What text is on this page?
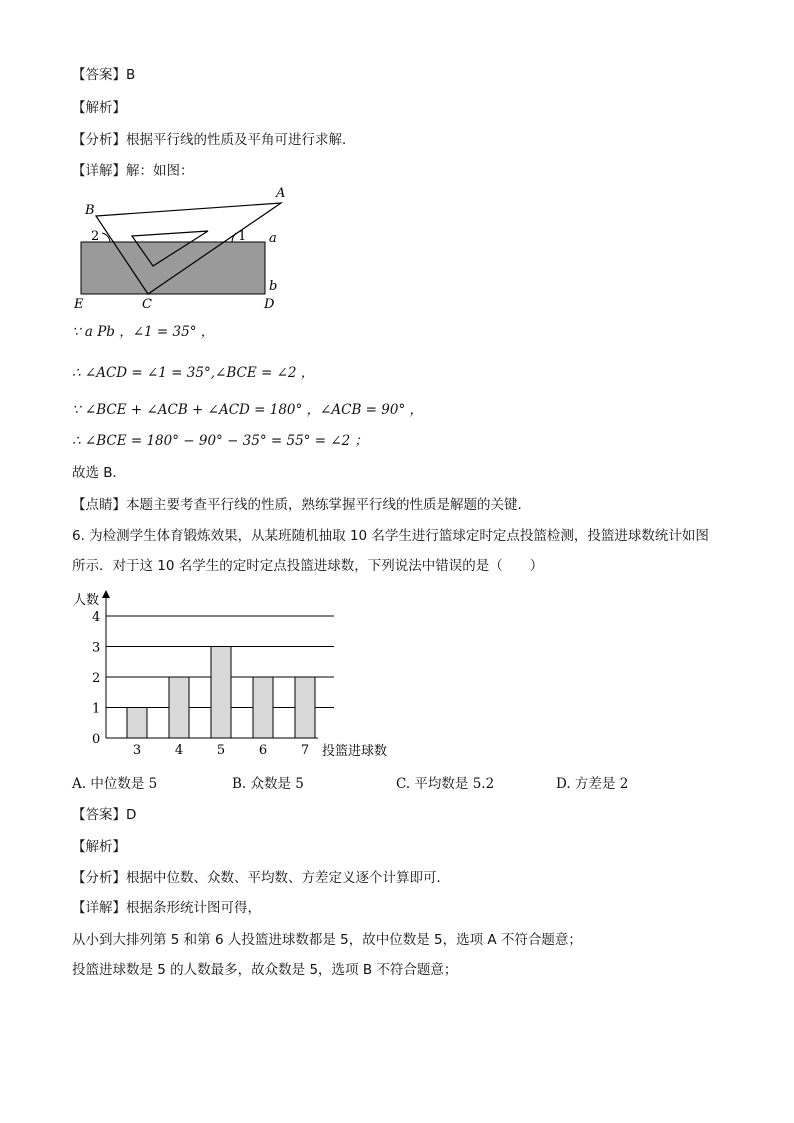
【答案】B
【解析】
【分析】根据平行线的性质及平角可进行求解．
【详解】解：如图：
B
A
2	1 a
b
E	C	D
∵ a Pb ，∠1 = 35° ，
∴ ∠ACD = ∠1 = 35°,∠BCE = ∠2 ，
∵ ∠BCE + ∠ACB + ∠ACD = 180° ，∠ACB = 90° ，
∴ ∠BCE = 180° − 90° − 35° = 55° = ∠2 ；
故选 B．
【点睛】本题主要考查平行线的性质，熟练掌握平行线的性质是解题的关键．
6. 为检测学生体育锻炼效果，从某班随机抽取 10 名学生进行篮球定时定点投篮检测，投篮进球数统计如图
所示．对于这 10 名学生的定时定点投篮进球数，下列说法中错误的是（　　）
0
1
2
3
4
3	4	5	6	7
人数
投篮进球数
A. 中位数是 5	B. 众数是 5	C. 平均数是 5.2	D. 方差是 2
【答案】D
【解析】
【分析】根据中位数、众数、平均数、方差定义逐个计算即可．
【详解】根据条形统计图可得，
从小到大排列第 5 和第 6 人投篮进球数都是 5，故中位数是 5，选项 A 不符合题意；
投篮进球数是 5 的人数最多，故众数是 5，选项 B 不符合题意；
